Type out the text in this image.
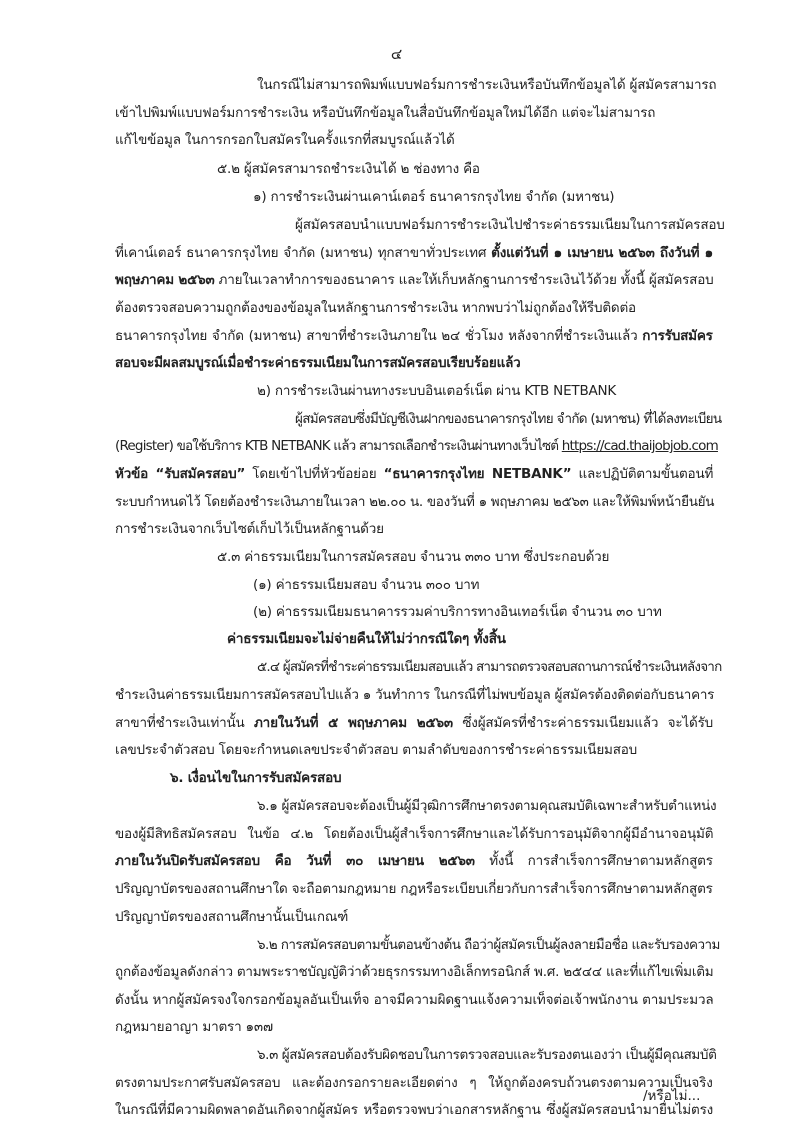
๔
ในกรณีไม่สามารถพิมพ์แบบฟอร์มการชำระเงินหรือบันทึกข้อมูลได้ ผู้สมัครสามารถ
เข้าไปพิมพ์แบบฟอร์มการชำระเงิน หรือบันทึกข้อมูลในสื่อบันทึกข้อมูลใหม่ได้อีก แต่จะไม่สามารถ
แก้ไขข้อมูล ในการกรอกใบสมัครในครั้งแรกที่สมบูรณ์แล้วได้
๕.๒ ผู้สมัครสามารถชำระเงินได้ ๒ ช่องทาง คือ
๑) การชำระเงินผ่านเคาน์เตอร์ ธนาคารกรุงไทย จำกัด (มหาชน)
ผู้สมัครสอบนำแบบฟอร์มการชำระเงินไปชำระค่าธรรมเนียมในการสมัครสอบ
ที่เคาน์เตอร์ ธนาคารกรุงไทย จำกัด (มหาชน) ทุกสาขาทั่วประเทศ ตั้งแต่วันที่ ๑ เมษายน ๒๕๖๓ ถึงวันที่ ๑
พฤษภาคม ๒๕๖๓ ภายในเวลาทำการของธนาคาร และให้เก็บหลักฐานการชำระเงินไว้ด้วย ทั้งนี้ ผู้สมัครสอบ
ต้องตรวจสอบความถูกต้องของข้อมูลในหลักฐานการชำระเงิน หากพบว่าไม่ถูกต้องให้รีบติดต่อ
ธนาคารกรุงไทย จำกัด (มหาชน) สาขาที่ชำระเงินภายใน ๒๔ ชั่วโมง หลังจากที่ชำระเงินแล้ว การรับสมัคร
สอบจะมีผลสมบูรณ์เมื่อชำระค่าธรรมเนียมในการสมัครสอบเรียบร้อยแล้ว
๒) การชำระเงินผ่านทางระบบอินเตอร์เน็ต ผ่าน KTB NETBANK
ผู้สมัครสอบซึ่งมีบัญชีเงินฝากของธนาคารกรุงไทย จำกัด (มหาชน) ที่ได้ลงทะเบียน
(Register) ขอใช้บริการ KTB NETBANK แล้ว สามารถเลือกชำระเงินผ่านทางเว็บไซต์ https://cad.thaijobjob.com
หัวข้อ “รับสมัครสอบ” โดยเข้าไปที่หัวข้อย่อย “ธนาคารกรุงไทย NETBANK” และปฏิบัติตามขั้นตอนที่
ระบบกำหนดไว้ โดยต้องชำระเงินภายในเวลา ๒๒.๐๐ น. ของวันที่ ๑ พฤษภาคม ๒๕๖๓ และให้พิมพ์หน้ายืนยัน
การชำระเงินจากเว็บไซต์เก็บไว้เป็นหลักฐานด้วย
๕.๓ ค่าธรรมเนียมในการสมัครสอบ จำนวน ๓๓๐ บาท ซึ่งประกอบด้วย
(๑) ค่าธรรมเนียมสอบ จำนวน ๓๐๐ บาท
(๒) ค่าธรรมเนียมธนาคารรวมค่าบริการทางอินเทอร์เน็ต จำนวน ๓๐ บาท
ค่าธรรมเนียมจะไม่จ่ายคืนให้ไม่ว่ากรณีใดๆ ทั้งสิ้น
๕.๔ ผู้สมัครที่ชำระค่าธรรมเนียมสอบแล้ว สามารถตรวจสอบสถานการณ์ชำระเงินหลังจาก
ชำระเงินค่าธรรมเนียมการสมัครสอบไปแล้ว ๑ วันทำการ ในกรณีที่ไม่พบข้อมูล ผู้สมัครต้องติดต่อกับธนาคาร
สาขาที่ชำระเงินเท่านั้น ภายในวันที่ ๕ พฤษภาคม ๒๕๖๓ ซึ่งผู้สมัครที่ชำระค่าธรรมเนียมแล้ว จะได้รับ
เลขประจำตัวสอบ โดยจะกำหนดเลขประจำตัวสอบ ตามลำดับของการชำระค่าธรรมเนียมสอบ
๖. เงื่อนไขในการรับสมัครสอบ
๖.๑ ผู้สมัครสอบจะต้องเป็นผู้มีวุฒิการศึกษาตรงตามคุณสมบัติเฉพาะสำหรับตำแหน่ง
ของผู้มีสิทธิสมัครสอบ ในข้อ ๔.๒ โดยต้องเป็นผู้สำเร็จการศึกษาและได้รับการอนุมัติจากผู้มีอำนาจอนุมัติ
ภายในวันปิดรับสมัครสอบ คือ วันที่ ๓๐ เมษายน ๒๕๖๓ ทั้งนี้ การสำเร็จการศึกษาตามหลักสูตร
ปริญญาบัตรของสถานศึกษาใด จะถือตามกฎหมาย กฎหรือระเบียบเกี่ยวกับการสำเร็จการศึกษาตามหลักสูตร
ปริญญาบัตรของสถานศึกษานั้นเป็นเกณฑ์
๖.๒ การสมัครสอบตามขั้นตอนข้างต้น ถือว่าผู้สมัครเป็นผู้ลงลายมือชื่อ และรับรองความ
ถูกต้องข้อมูลดังกล่าว ตามพระราชบัญญัติว่าด้วยธุรกรรมทางอิเล็กทรอนิกส์ พ.ศ. ๒๕๔๔ และที่แก้ไขเพิ่มเติม
ดังนั้น หากผู้สมัครจงใจกรอกข้อมูลอันเป็นเท็จ อาจมีความผิดฐานแจ้งความเท็จต่อเจ้าพนักงาน ตามประมวล
กฎหมายอาญา มาตรา ๑๓๗
๖.๓ ผู้สมัครสอบต้องรับผิดชอบในการตรวจสอบและรับรองตนเองว่า เป็นผู้มีคุณสมบัติ
ตรงตามประกาศรับสมัครสอบ และต้องกรอกรายละเอียดต่าง ๆ ให้ถูกต้องครบถ้วนตรงตามความเป็นจริง
ในกรณีที่มีความผิดพลาดอันเกิดจากผู้สมัคร หรือตรวจพบว่าเอกสารหลักฐาน ซึ่งผู้สมัครสอบนำมายื่นไม่ตรง
/หรือไม่...
